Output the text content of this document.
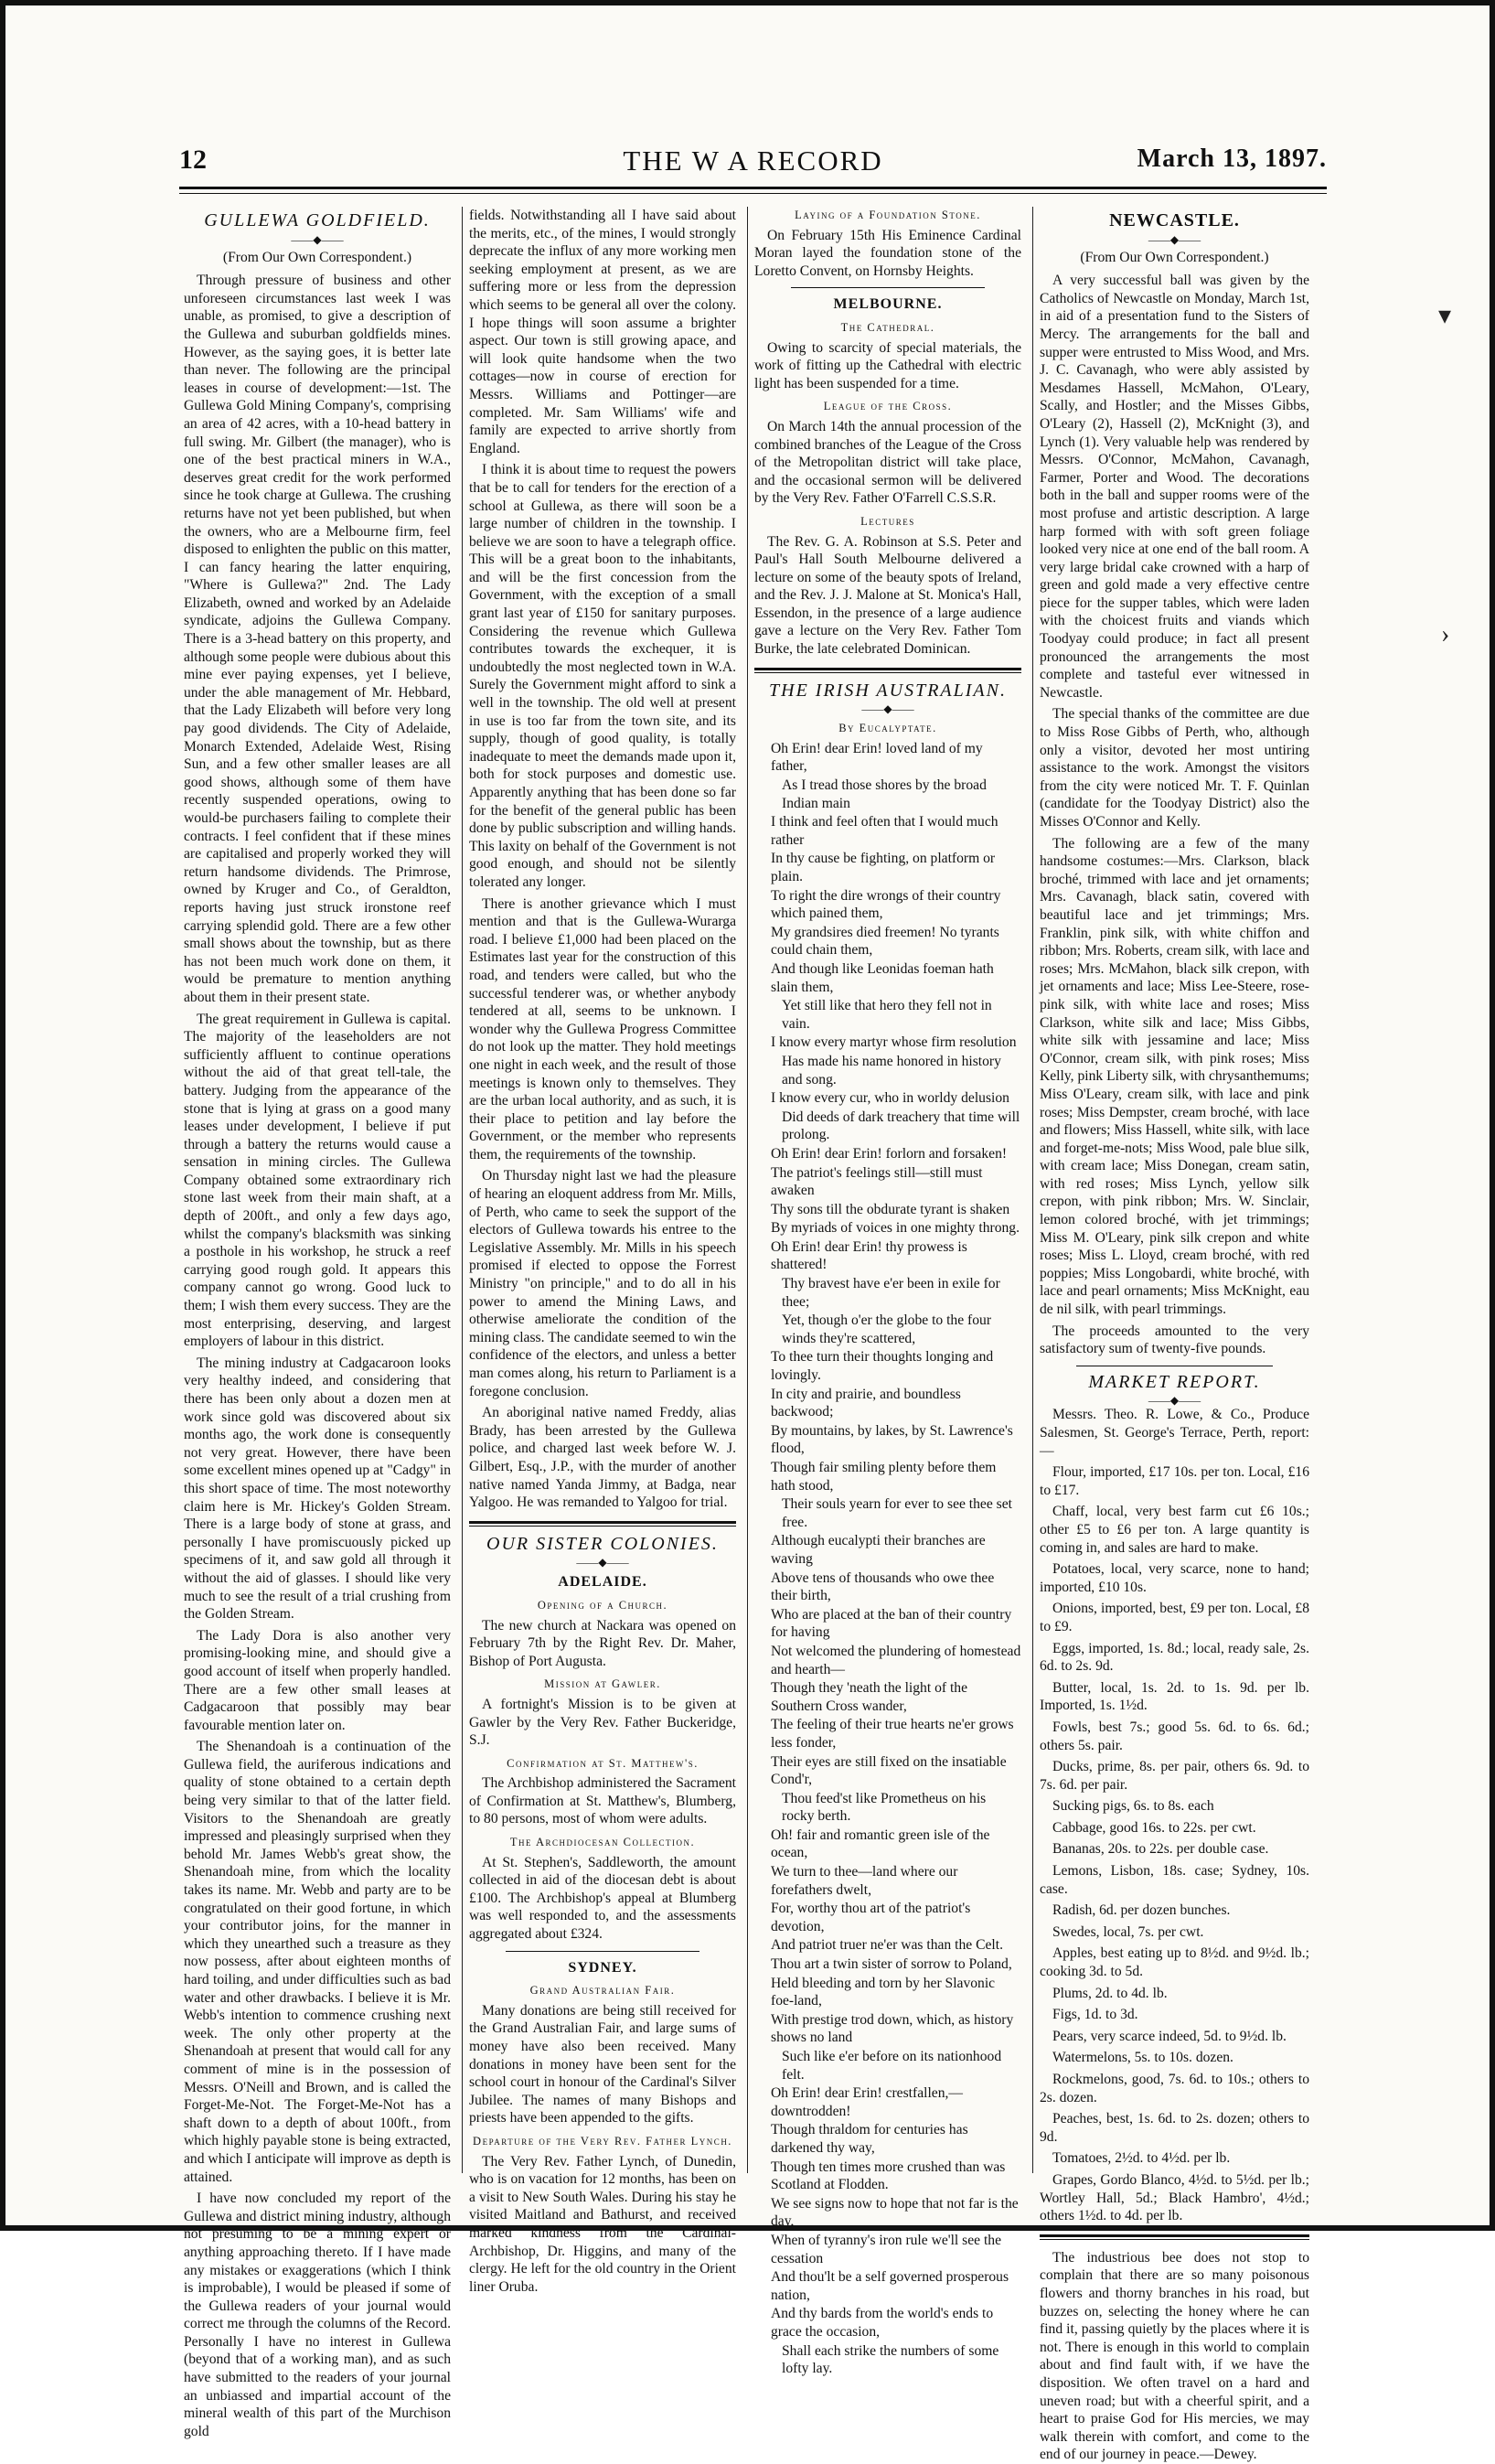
12	THE W A RECORD	March 13, 1897.
GULLEWA GOLDFIELD.
——◆——
(From Our Own Correspondent.)

Through pressure of business and other unforeseen circumstances last week I was unable, as promised, to give a description of the Gullewa and suburban goldfields mines. However, as the saying goes, it is better late than never. The following are the principal leases in course of development:—1st. The Gullewa Gold Mining Company's, comprising an area of 42 acres, with a 10-head battery in full swing. Mr. Gilbert (the manager), who is one of the best practical miners in W.A., deserves great credit for the work performed since he took charge at Gullewa. The crushing returns have not yet been published, but when the owners, who are a Melbourne firm, feel disposed to enlighten the public on this matter, I can fancy hearing the latter enquiring, "Where is Gullewa?" 2nd. The Lady Elizabeth, owned and worked by an Adelaide syndicate, adjoins the Gullewa Company. There is a 3-head battery on this property, and although some people were dubious about this mine ever paying expenses, yet I believe, under the able management of Mr. Hebbard, that the Lady Elizabeth will before very long pay good dividends. The City of Adelaide, Monarch Extended, Adelaide West, Rising Sun, and a few other smaller leases are all good shows, although some of them have recently suspended operations, owing to would-be purchasers failing to complete their contracts. I feel confident that if these mines are capitalised and properly worked they will return handsome dividends. The Primrose, owned by Kruger and Co., of Geraldton, reports having just struck ironstone reef carrying splendid gold. There are a few other small shows about the township, but as there has not been much work done on them, it would be premature to mention anything about them in their present state.

The great requirement in Gullewa is capital. The majority of the leaseholders are not sufficiently affluent to continue operations without the aid of that great tell-tale, the battery. Judging from the appearance of the stone that is lying at grass on a good many leases under development, I believe if put through a battery the returns would cause a sensation in mining circles. The Gullewa Company obtained some extraordinary rich stone last week from their main shaft, at a depth of 200ft., and only a few days ago, whilst the company's blacksmith was sinking a posthole in his workshop, he struck a reef carrying good rough gold. It appears this company cannot go wrong. Good luck to them; I wish them every success. They are the most enterprising, deserving, and largest employers of labour in this district.

The mining industry at Cadgacaroon looks very healthy indeed, and considering that there has been only about a dozen men at work since gold was discovered about six months ago, the work done is consequently not very great. However, there have been some excellent mines opened up at "Cadgy" in this short space of time. The most noteworthy claim here is Mr. Hickey's Golden Stream. There is a large body of stone at grass, and personally I have promiscuously picked up specimens of it, and saw gold all through it without the aid of glasses. I should like very much to see the result of a trial crushing from the Golden Stream.

The Lady Dora is also another very promising-looking mine, and should give a good account of itself when properly handled. There are a few other small leases at Cadgacaroon that possibly may bear favourable mention later on.

The Shenandoah is a continuation of the Gullewa field, the auriferous indications and quality of stone obtained to a certain depth being very similar to that of the latter field. Visitors to the Shenandoah are greatly impressed and pleasingly surprised when they behold Mr. James Webb's great show, the Shenandoah mine, from which the locality takes its name. Mr. Webb and party are to be congratulated on their good fortune, in which your contributor joins, for the manner in which they unearthed such a treasure as they now possess, after about eighteen months of hard toiling, and under difficulties such as bad water and other drawbacks. I believe it is Mr. Webb's intention to commence crushing next week. The only other property at the Shenandoah at present that would call for any comment of mine is in the possession of Messrs. O'Neill and Brown, and is called the Forget-Me-Not. The Forget-Me-Not has a shaft down to a depth of about 100ft., from which highly payable stone is being extracted, and which I anticipate will improve as depth is attained.

I have now concluded my report of the Gullewa and district mining industry, although not presuming to be a mining expert or anything approaching thereto. If I have made any mistakes or exaggerations (which I think is improbable), I would be pleased if some of the Gullewa readers of your journal would correct me through the columns of the Record. Personally I have no interest in Gullewa (beyond that of a working man), and as such have submitted to the readers of your journal an unbiassed and impartial account of the mineral wealth of this part of the Murchison gold

fields. Notwithstanding all I have said about the merits, etc., of the mines, I would strongly deprecate the influx of any more working men seeking employment at present, as we are suffering more or less from the depression which seems to be general all over the colony. I hope things will soon assume a brighter aspect. Our town is still growing apace, and will look quite handsome when the two cottages—now in course of erection for Messrs. Williams and Pottinger—are completed. Mr. Sam Williams' wife and family are expected to arrive shortly from England.

I think it is about time to request the powers that be to call for tenders for the erection of a school at Gullewa, as there will soon be a large number of children in the township. I believe we are soon to have a telegraph office. This will be a great boon to the inhabitants, and will be the first concession from the Government, with the exception of a small grant last year of £150 for sanitary purposes. Considering the revenue which Gullewa contributes towards the exchequer, it is undoubtedly the most neglected town in W.A. Surely the Government might afford to sink a well in the township. The old well at present in use is too far from the town site, and its supply, though of good quality, is totally inadequate to meet the demands made upon it, both for stock purposes and domestic use. Apparently anything that has been done so far for the benefit of the general public has been done by public subscription and willing hands. This laxity on behalf of the Government is not good enough, and should not be silently tolerated any longer.

There is another grievance which I must mention and that is the Gullewa-Wurarga road. I believe £1,000 had been placed on the Estimates last year for the construction of this road, and tenders were called, but who the successful tenderer was, or whether anybody tendered at all, seems to be unknown. I wonder why the Gullewa Progress Committee do not look up the matter. They hold meetings one night in each week, and the result of those meetings is known only to themselves. They are the urban local authority, and as such, it is their place to petition and lay before the Government, or the member who represents them, the requirements of the township.

On Thursday night last we had the pleasure of hearing an eloquent address from Mr. Mills, of Perth, who came to seek the support of the electors of Gullewa towards his entree to the Legislative Assembly. Mr. Mills in his speech promised if elected to oppose the Forrest Ministry "on principle," and to do all in his power to amend the Mining Laws, and otherwise ameliorate the condition of the mining class. The candidate seemed to win the confidence of the electors, and unless a better man comes along, his return to Parliament is a foregone conclusion.

An aboriginal native named Freddy, alias Brady, has been arrested by the Gullewa police, and charged last week before W. J. Gilbert, Esq., J.P., with the murder of another native named Yanda Jimmy, at Badga, near Yalgoo. He was remanded to Yalgoo for trial.

OUR SISTER COLONIES.
——◆——
ADELAIDE.
Opening of a Church.

The new church at Nackara was opened on February 7th by the Right Rev. Dr. Maher, Bishop of Port Augusta.

Mission at Gawler.

A fortnight's Mission is to be given at Gawler by the Very Rev. Father Buckeridge, S.J.

Confirmation at St. Matthew's.

The Archbishop administered the Sacrament of Confirmation at St. Matthew's, Blumberg, to 80 persons, most of whom were adults.

The Archdiocesan Collection.

At St. Stephen's, Saddleworth, the amount collected in aid of the diocesan debt is about £100. The Archbishop's appeal at Blumberg was well responded to, and the assessments aggregated about £324.

SYDNEY.
Grand Australian Fair.

Many donations are being still received for the Grand Australian Fair, and large sums of money have also been received. Many donations in money have been sent for the school court in honour of the Cardinal's Silver Jubilee. The names of many Bishops and priests have been appended to the gifts.

Departure of the Very Rev. Father Lynch.

The Very Rev. Father Lynch, of Dunedin, who is on vacation for 12 months, has been on a visit to New South Wales. During his stay he visited Maitland and Bathurst, and received marked kindness from the Cardinal-Archbishop, Dr. Higgins, and many of the clergy. He left for the old country in the Orient liner Oruba.

Laying of a Foundation Stone.

On February 15th His Eminence Cardinal Moran layed the foundation stone of the Loretto Convent, on Hornsby Heights.

MELBOURNE.
The Cathedral.

Owing to scarcity of special materials, the work of fitting up the Cathedral with electric light has been suspended for a time.

League of the Cross.

On March 14th the annual procession of the combined branches of the League of the Cross of the Metropolitan district will take place, and the occasional sermon will be delivered by the Very Rev. Father O'Farrell C.S.S.R.

Lectures

The Rev. G. A. Robinson at S.S. Peter and Paul's Hall South Melbourne delivered a lecture on some of the beauty spots of Ireland, and the Rev. J. J. Malone at St. Monica's Hall, Essendon, in the presence of a large audience gave a lecture on the Very Rev. Father Tom Burke, the late celebrated Dominican.

THE IRISH AUSTRALIAN.
——◆——
By Eucalyptate.

Oh Erin! dear Erin! loved land of my father,

As I tread those shores by the broad Indian main

I think and feel often that I would much rather

In thy cause be fighting, on platform or plain.

To right the dire wrongs of their country which pained them,

My grandsires died freemen! No tyrants could chain them,

And though like Leonidas foeman hath slain them,

Yet still like that hero they fell not in vain.

I know every martyr whose firm resolution

Has made his name honored in history and song.

I know every cur, who in worldy delusion

Did deeds of dark treachery that time will prolong.

Oh Erin! dear Erin! forlorn and forsaken!

The patriot's feelings still—still must awaken

Thy sons till the obdurate tyrant is shaken

By myriads of voices in one mighty throng.

Oh Erin! dear Erin! thy prowess is shattered!

Thy bravest have e'er been in exile for thee;

Yet, though o'er the globe to the four winds they're scattered,

To thee turn their thoughts longing and lovingly.

In city and prairie, and boundless backwood;

By mountains, by lakes, by St. Lawrence's flood,

Though fair smiling plenty before them hath stood,

Their souls yearn for ever to see thee set free.

Although eucalypti their branches are waving

Above tens of thousands who owe thee their birth,

Who are placed at the ban of their country for having

Not welcomed the plundering of homestead and hearth—

Though they 'neath the light of the Southern Cross wander,

The feeling of their true hearts ne'er grows less fonder,

Their eyes are still fixed on the insatiable Cond'r,

Thou feed'st like Prometheus on his rocky berth.

Oh! fair and romantic green isle of the ocean,

We turn to thee—land where our forefathers dwelt,

For, worthy thou art of the patriot's devotion,

And patriot truer ne'er was than the Celt.

Thou art a twin sister of sorrow to Poland,

Held bleeding and torn by her Slavonic foe-land,

With prestige trod down, which, as history shows no land

Such like e'er before on its nationhood felt.

Oh Erin! dear Erin! crestfallen,—downtrodden!

Though thraldom for centuries has darkened thy way,

Though ten times more crushed than was Scotland at Flodden.

We see signs now to hope that not far is the day,

When of tyranny's iron rule we'll see the cessation

And thou'lt be a self governed prosperous nation,

And thy bards from the world's ends to grace the occasion,

Shall each strike the numbers of some lofty lay.

NEWCASTLE.
——◆——
(From Our Own Correspondent.)

A very successful ball was given by the Catholics of Newcastle on Monday, March 1st, in aid of a presentation fund to the Sisters of Mercy. The arrangements for the ball and supper were entrusted to Miss Wood, and Mrs. J. C. Cavanagh, who were ably assisted by Mesdames Hassell, McMahon, O'Leary, Scally, and Hostler; and the Misses Gibbs, O'Leary (2), Hassell (2), McKnight (3), and Lynch (1). Very valuable help was rendered by Messrs. O'Connor, McMahon, Cavanagh, Farmer, Porter and Wood. The decorations both in the ball and supper rooms were of the most profuse and artistic description. A large harp formed with with soft green foliage looked very nice at one end of the ball room. A very large bridal cake crowned with a harp of green and gold made a very effective centre piece for the supper tables, which were laden with the choicest fruits and viands which Toodyay could produce; in fact all present pronounced the arrangements the most complete and tasteful ever witnessed in Newcastle.

The special thanks of the committee are due to Miss Rose Gibbs of Perth, who, although only a visitor, devoted her most untiring assistance to the work. Amongst the visitors from the city were noticed Mr. T. F. Quinlan (candidate for the Toodyay District) also the Misses O'Connor and Kelly.

The following are a few of the many handsome costumes:—Mrs. Clarkson, black broché, trimmed with lace and jet ornaments; Mrs. Cavanagh, black satin, covered with beautiful lace and jet trimmings; Mrs. Franklin, pink silk, with white chiffon and ribbon; Mrs. Roberts, cream silk, with lace and roses; Mrs. McMahon, black silk crepon, with jet ornaments and lace; Miss Lee-Steere, rose-pink silk, with white lace and roses; Miss Clarkson, white silk and lace; Miss Gibbs, white silk with jessamine and lace; Miss O'Connor, cream silk, with pink roses; Miss Kelly, pink Liberty silk, with chrysanthemums; Miss O'Leary, cream silk, with lace and pink roses; Miss Dempster, cream broché, with lace and flowers; Miss Hassell, white silk, with lace and forget-me-nots; Miss Wood, pale blue silk, with cream lace; Miss Donegan, cream satin, with red roses; Miss Lynch, yellow silk crepon, with pink ribbon; Mrs. W. Sinclair, lemon colored broché, with jet trimmings; Miss M. O'Leary, pink silk crepon and white roses; Miss L. Lloyd, cream broché, with red poppies; Miss Longobardi, white broché, with lace and pearl ornaments; Miss McKnight, eau de nil silk, with pearl trimmings.

The proceeds amounted to the very satisfactory sum of twenty-five pounds.

MARKET REPORT.
——◆——

Messrs. Theo. R. Lowe, & Co., Produce Salesmen, St. George's Terrace, Perth, report:—

Flour, imported, £17 10s. per ton. Local, £16 to £17.

Chaff, local, very best farm cut £6 10s.; other £5 to £6 per ton. A large quantity is coming in, and sales are hard to make.

Potatoes, local, very scarce, none to hand; imported, £10 10s.

Onions, imported, best, £9 per ton. Local, £8 to £9.

Eggs, imported, 1s. 8d.; local, ready sale, 2s. 6d. to 2s. 9d.

Butter, local, 1s. 2d. to 1s. 9d. per lb. Imported, 1s. 1½d.

Fowls, best 7s.; good 5s. 6d. to 6s. 6d.; others 5s. pair.

Ducks, prime, 8s. per pair, others 6s. 9d. to 7s. 6d. per pair.

Sucking pigs, 6s. to 8s. each

Cabbage, good 16s. to 22s. per cwt.

Bananas, 20s. to 22s. per double case.

Lemons, Lisbon, 18s. case; Sydney, 10s. case.

Radish, 6d. per dozen bunches.

Swedes, local, 7s. per cwt.

Apples, best eating up to 8½d. and 9½d. lb.; cooking 3d. to 5d.

Plums, 2d. to 4d. lb.

Figs, 1d. to 3d.

Pears, very scarce indeed, 5d. to 9½d. lb.

Watermelons, 5s. to 10s. dozen.

Rockmelons, good, 7s. 6d. to 10s.; others to 2s. dozen.

Peaches, best, 1s. 6d. to 2s. dozen; others to 9d.

Tomatoes, 2½d. to 4½d. per lb.

Grapes, Gordo Blanco, 4½d. to 5½d. per lb.; Wortley Hall, 5d.; Black Hambro', 4½d.; others 1½d. to 4d. per lb.

The industrious bee does not stop to complain that there are so many poisonous flowers and thorny branches in his road, but buzzes on, selecting the honey where he can find it, passing quietly by the places where it is not. There is enough in this world to complain about and find fault with, if we have the disposition. We often travel on a hard and uneven road; but with a cheerful spirit, and a heart to praise God for His mercies, we may walk therein with comfort, and come to the end of our journey in peace.—Dewey.

▾
›
